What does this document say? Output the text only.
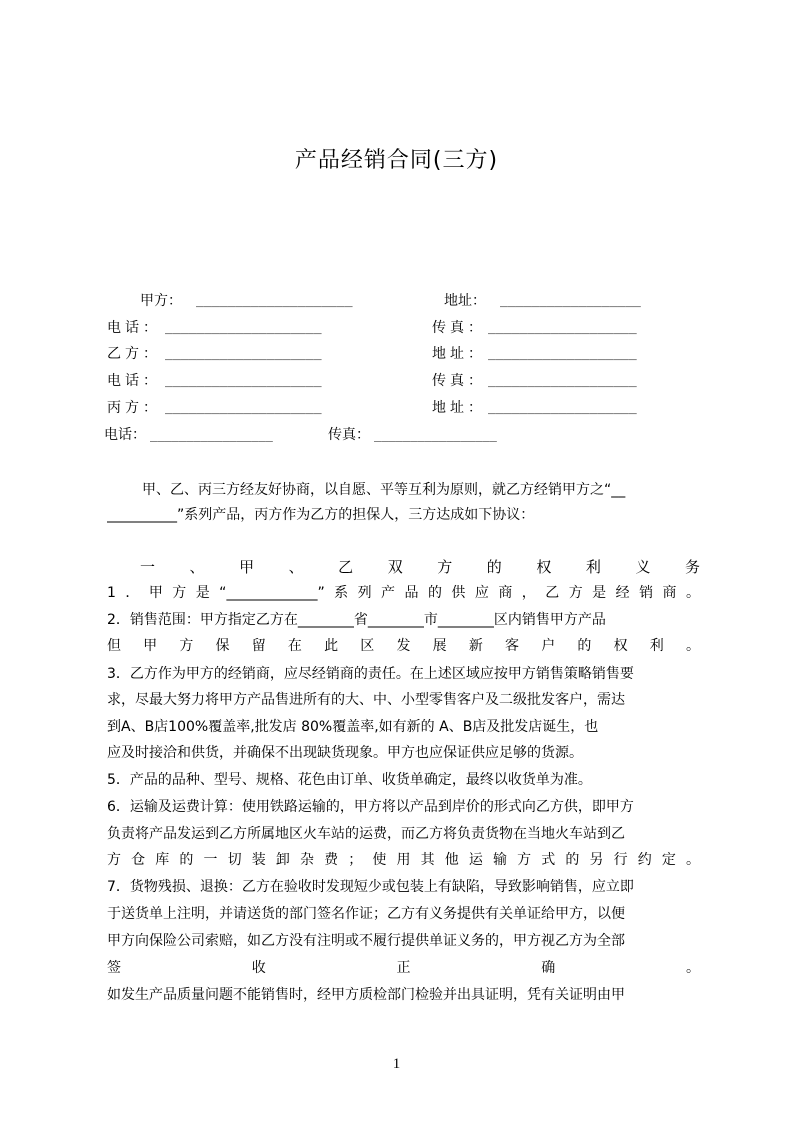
产品经销合同(三方)
甲方： ____________________	地址： __________________
电话： ____________________	传真： ___________________
乙方： ____________________	地址： ___________________
电话： ____________________	传真： ___________________
丙方： ____________________	地址： ___________________
电话： _________________	传真： _________________
甲、乙、丙三方经友好协商，以自愿、平等互利为原则，就乙方经销甲方之“__
__________”系列产品，丙方作为乙方的担保人，三方达成如下协议：
一、甲、乙双方的权利义务
1．甲方是“_____________”系列产品的供应商，乙方是经销商。
2．销售范围：甲方指定乙方在________省________市________区内销售甲方产品
但甲方保留在此区发展新客户的权利。
3．乙方作为甲方的经销商，应尽经销商的责任。在上述区域应按甲方销售策略销售要
求，尽最大努力将甲方产品售进所有的大、中、小型零售客户及二级批发客户，需达
到A、B店100%覆盖率,批发店 80%覆盖率,如有新的 A、B店及批发店诞生，也
应及时接洽和供货，并确保不出现缺货现象。甲方也应保证供应足够的货源。
5．产品的品种、型号、规格、花色由订单、收货单确定，最终以收货单为准。
6．运输及运费计算：使用铁路运输的，甲方将以产品到岸价的形式向乙方供，即甲方
负责将产品发运到乙方所属地区火车站的运费，而乙方将负责货物在当地火车站到乙
方仓库的一切装卸杂费；使用其他运输方式的另行约定。
7．货物残损、退换：乙方在验收时发现短少或包装上有缺陷，导致影响销售，应立即
于送货单上注明，并请送货的部门签名作证；乙方有义务提供有关单证给甲方，以便
甲方向保险公司索赔，如乙方没有注明或不履行提供单证义务的，甲方视乙方为全部
签收正确。
如发生产品质量问题不能销售时，经甲方质检部门检验并出具证明，凭有关证明由甲
1
